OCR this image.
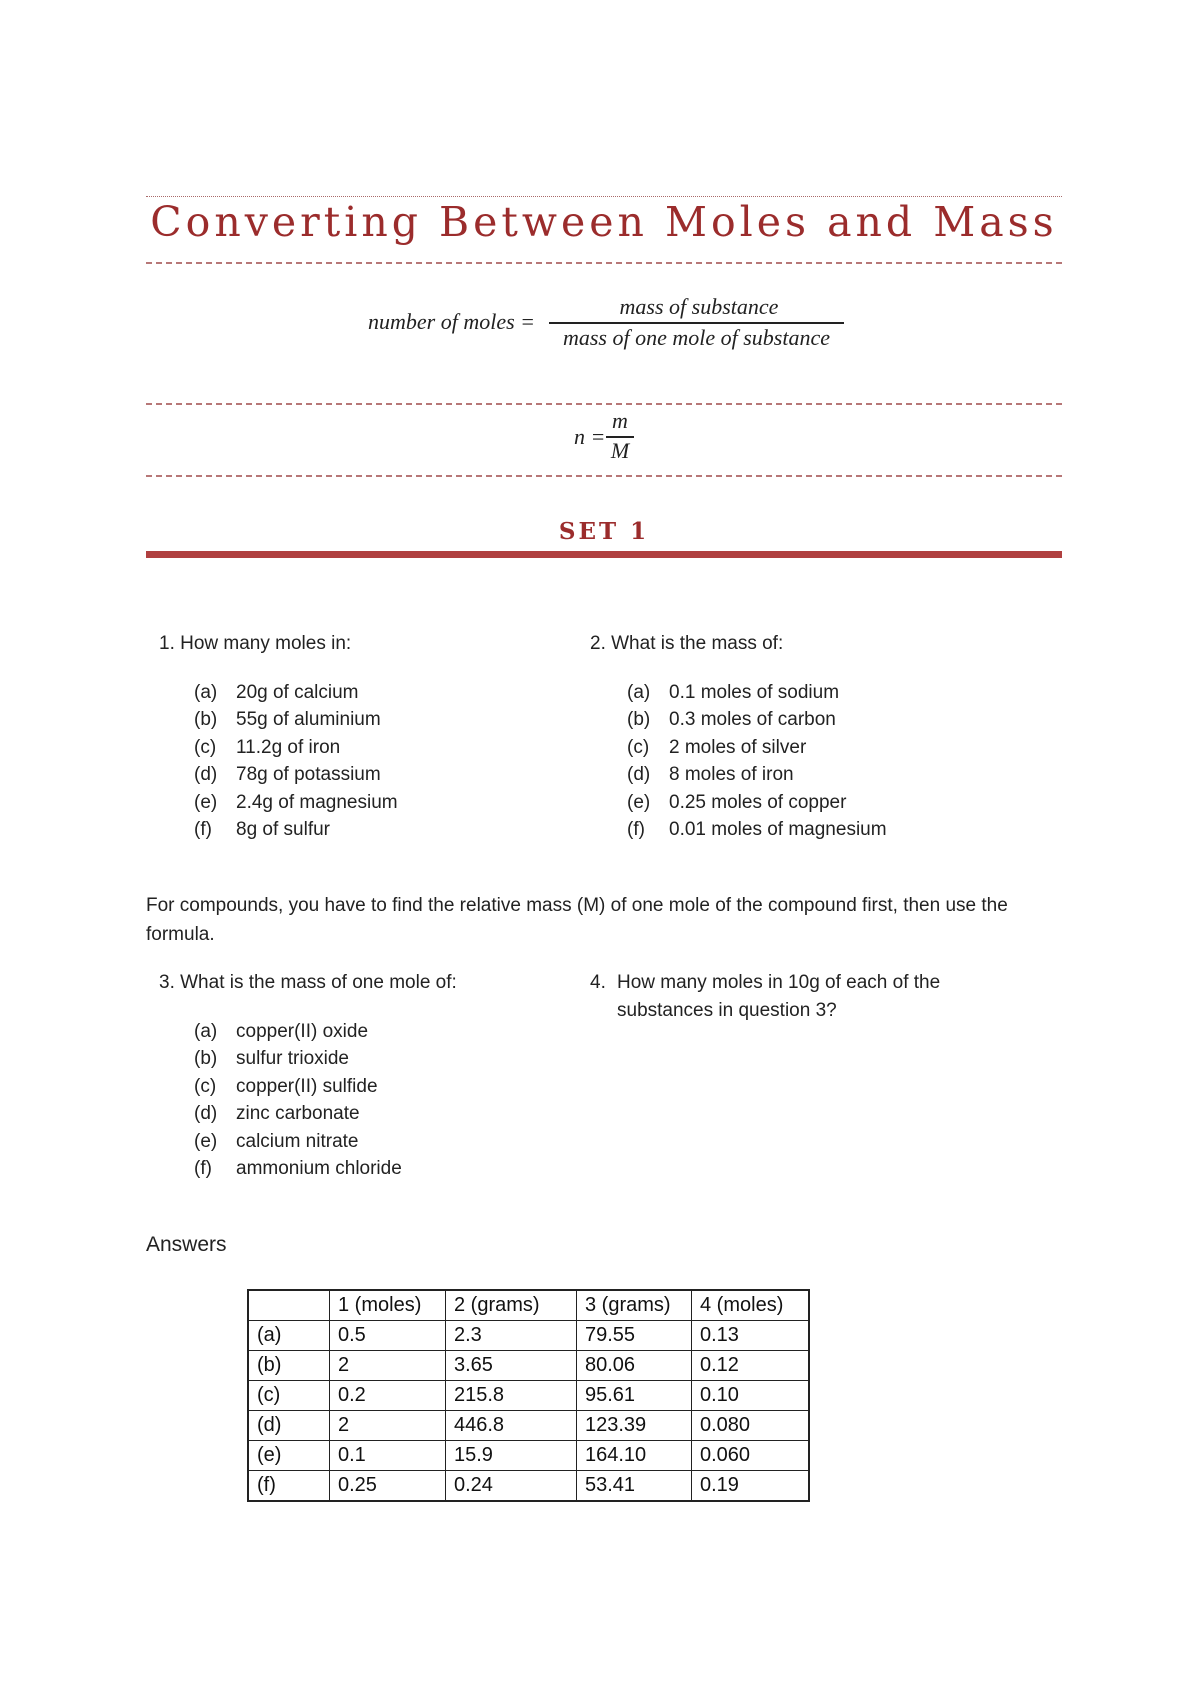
Converting Between Moles and Mass
number of moles =
mass of substance
mass of one mole of substance
n =
m
M
SET 1
1. How many moles in:
(a) 20g of calcium
(b) 55g of aluminium
(c) 11.2g of iron
(d) 78g of potassium
(e) 2.4g of magnesium
(f) 8g of sulfur
2. What is the mass of:
(a) 0.1 moles of sodium
(b) 0.3 moles of carbon
(c) 2 moles of silver
(d) 8 moles of iron
(e) 0.25 moles of copper
(f) 0.01 moles of magnesium
For compounds, you have to find the relative mass (M) of one mole of the compound first, then use the formula.
3. What is the mass of one mole of:
(a) copper(II) oxide
(b) sulfur trioxide
(c) copper(II) sulfide
(d) zinc carbonate
(e) calcium nitrate
(f) ammonium chloride
4. How many moles in 10g of each of the
substances in question 3?
Answers
	1 (moles)	2 (grams)	3 (grams)	4 (moles)
(a)	0.5	2.3	79.55	0.13
(b)	2	3.65	80.06	0.12
(c)	0.2	215.8	95.61	0.10
(d)	2	446.8	123.39	0.080
(e)	0.1	15.9	164.10	0.060
(f)	0.25	0.24	53.41	0.19
